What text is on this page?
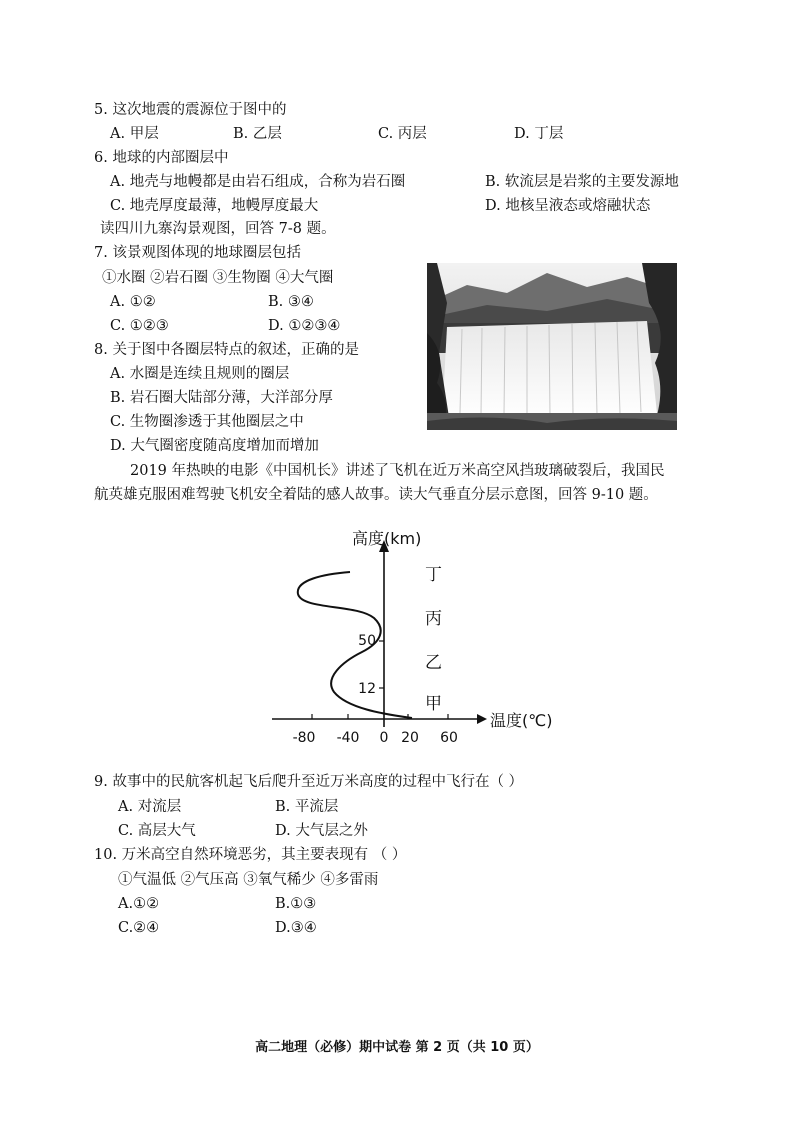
5. 这次地震的震源位于图中的
A. 甲层	B. 乙层	C. 丙层	D. 丁层
6. 地球的内部圈层中
A. 地壳与地幔都是由岩石组成，合称为岩石圈	B. 软流层是岩浆的主要发源地
C. 地壳厚度最薄，地幔厚度最大	D. 地核呈液态或熔融状态
读四川九寨沟景观图，回答 7-8 题。
7. 该景观图体现的地球圈层包括
①水圈 ②岩石圈 ③生物圈 ④大气圈
A. ①②	B. ③④
C. ①②③	D. ①②③④
8. 关于图中各圈层特点的叙述，正确的是
A. 水圈是连续且规则的圈层
B. 岩石圈大陆部分薄，大洋部分厚
C. 生物圈渗透于其他圈层之中
D. 大气圈密度随高度增加而增加
2019 年热映的电影《中国机长》讲述了飞机在近万米高空风挡玻璃破裂后，我国民
航英雄克服困难驾驶飞机安全着陆的感人故事。读大气垂直分层示意图，回答 9-10 题。
高度(km)
温度(℃)
50
12
-80 -40 0 20 60
丁
丙
乙
甲
9. 故事中的民航客机起飞后爬升至近万米高度的过程中飞行在（ ）
A. 对流层	B. 平流层
C. 高层大气	D. 大气层之外
10. 万米高空自然环境恶劣，其主要表现有 （ ）
①气温低 ②气压高 ③氧气稀少 ④多雷雨
A.①②	B.①③
C.②④	D.③④
高二地理（必修）期中试卷 第 2 页（共 10 页）
